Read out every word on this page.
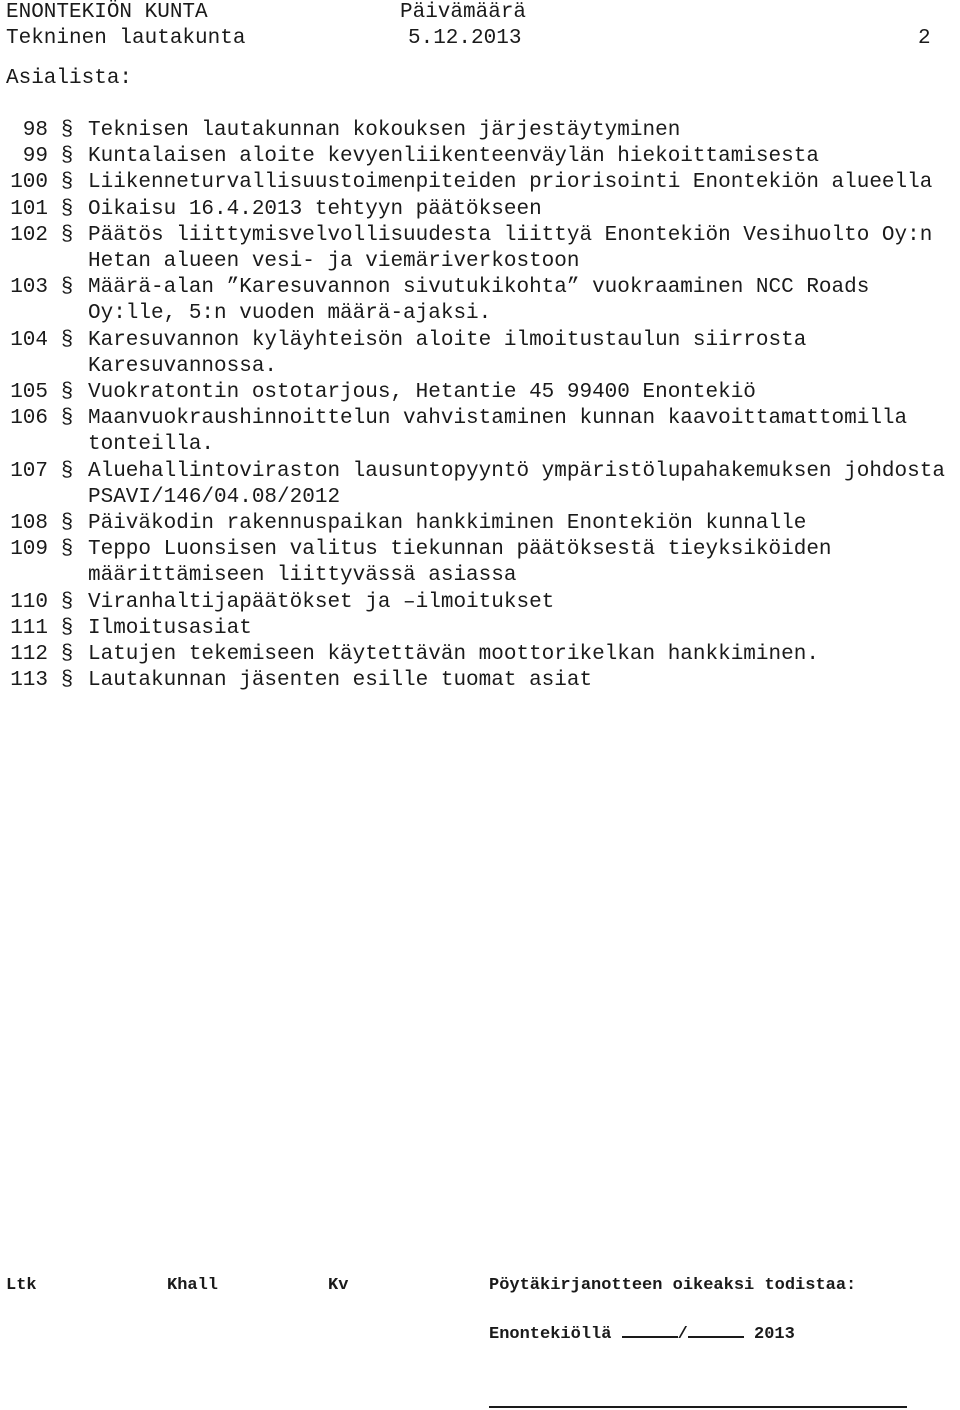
ENONTEKIÖN KUNTA	Päivämäärä
Tekninen lautakunta	5.12.2013	2
Asialista:
98 § Teknisen lautakunnan kokouksen järjestäytyminen
99 § Kuntalaisen aloite kevyenliikenteenväylän hiekoittamisesta
100 § Liikenneturvallisuustoimenpiteiden priorisointi Enontekiön alueella
101 § Oikaisu 16.4.2013 tehtyyn päätökseen
102 § Päätös liittymisvelvollisuudesta liittyä Enontekiön Vesihuolto Oy:n Hetan alueen vesi- ja viemäriverkostoon
103 § Määrä-alan ”Karesuvannon sivutukikohta” vuokraaminen NCC Roads Oy:lle, 5:n vuoden määrä-ajaksi.
104 § Karesuvannon kyläyhteisön aloite ilmoitustaulun siirrosta Karesuvannossa.
105 § Vuokratontin ostotarjous, Hetantie 45 99400 Enontekiö
106 § Maanvuokraushinnoittelun vahvistaminen kunnan kaavoittamattomilla tonteilla.
107 § Aluehallintoviraston lausuntopyyntö ympäristölupahakemuksen johdosta PSAVI/146/04.08/2012
108 § Päiväkodin rakennuspaikan hankkiminen Enontekiön kunnalle
109 § Teppo Luonsisen valitus tiekunnan päätöksestä tieyksiköiden määrittämiseen liittyvässä asiassa
110 § Viranhaltijapäätökset ja –ilmoitukset
111 § Ilmoitusasiat
112 § Latujen tekemiseen käytettävän moottorikelkan hankkiminen.
113 § Lautakunnan jäsenten esille tuomat asiat
Ltk	Khall	Kv	Pöytäkirjanotteen oikeaksi todistaa:
Enontekiöllä	/	2013
